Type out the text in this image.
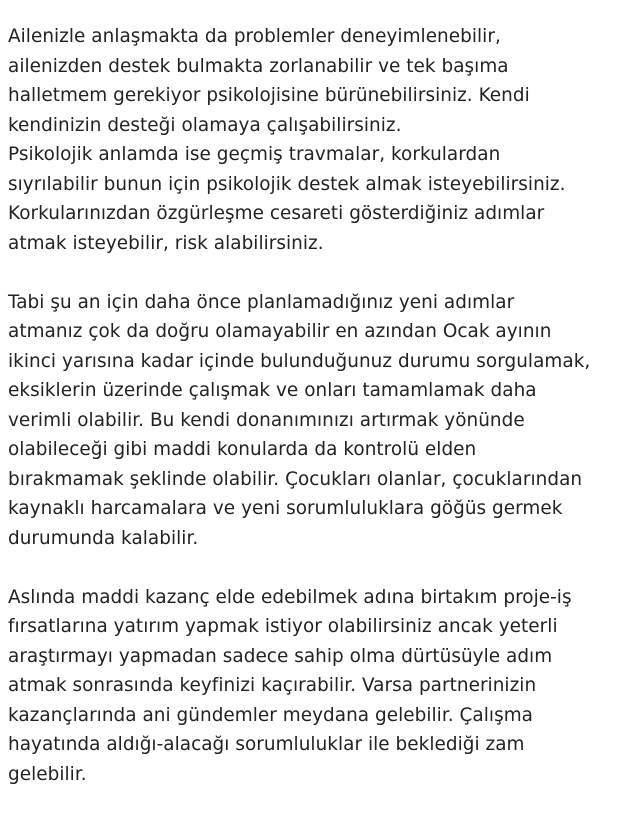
Ailenizle anlaşmakta da problemler deneyimlenebilir,
ailenizden destek bulmakta zorlanabilir ve tek başıma
halletmem gerekiyor psikolojisine bürünebilirsiniz. Kendi
kendinizin desteği olamaya çalışabilirsiniz.
Psikolojik anlamda ise geçmiş travmalar, korkulardan
sıyrılabilir bunun için psikolojik destek almak isteyebilirsiniz.
Korkularınızdan özgürleşme cesareti gösterdiğiniz adımlar
atmak isteyebilir, risk alabilirsiniz.

Tabi şu an için daha önce planlamadığınız yeni adımlar
atmanız çok da doğru olamayabilir en azından Ocak ayının
ikinci yarısına kadar içinde bulunduğunuz durumu sorgulamak,
eksiklerin üzerinde çalışmak ve onları tamamlamak daha
verimli olabilir. Bu kendi donanımınızı artırmak yönünde
olabileceği gibi maddi konularda da kontrolü elden
bırakmamak şeklinde olabilir. Çocukları olanlar, çocuklarından
kaynaklı harcamalara ve yeni sorumluluklara göğüs germek
durumunda kalabilir.

Aslında maddi kazanç elde edebilmek adına birtakım proje-iş
fırsatlarına yatırım yapmak istiyor olabilirsiniz ancak yeterli
araştırmayı yapmadan sadece sahip olma dürtüsüyle adım
atmak sonrasında keyfinizi kaçırabilir. Varsa partnerinizin
kazançlarında ani gündemler meydana gelebilir. Çalışma
hayatında aldığı-alacağı sorumluluklar ile beklediği zam
gelebilir.
